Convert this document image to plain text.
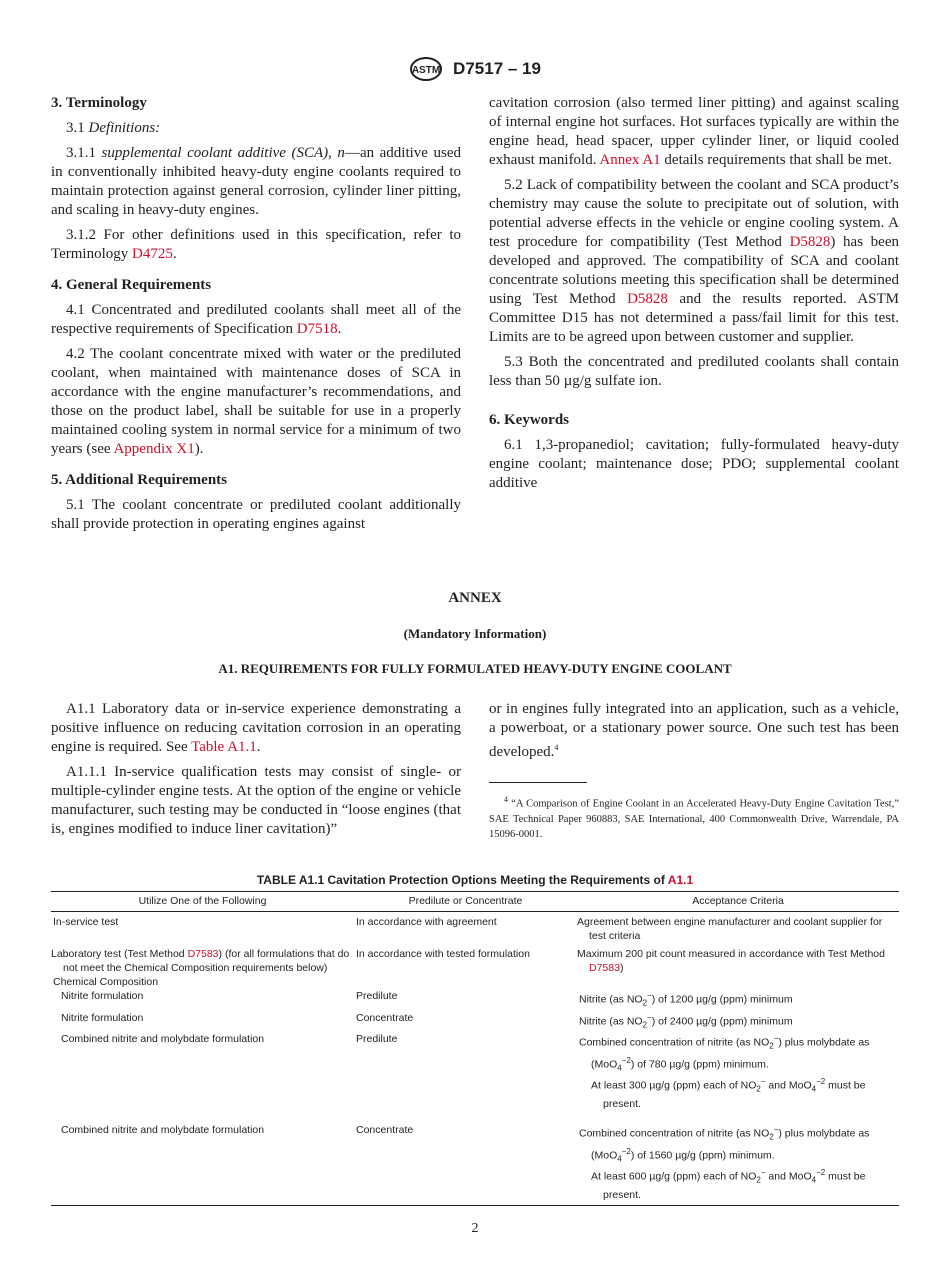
ASTM D7517 – 19
3. Terminology

3.1 Definitions:

3.1.1 supplemental coolant additive (SCA), n—an additive used in conventionally inhibited heavy-duty engine coolants required to maintain protection against general corrosion, cylinder liner pitting, and scaling in heavy-duty engines.

3.1.2 For other definitions used in this specification, refer to Terminology D4725.

4. General Requirements

4.1 Concentrated and prediluted coolants shall meet all of the respective requirements of Specification D7518.

4.2 The coolant concentrate mixed with water or the prediluted coolant, when maintained with maintenance doses of SCA in accordance with the engine manufacturer’s recommendations, and those on the product label, shall be suitable for use in a properly maintained cooling system in normal service for a minimum of two years (see Appendix X1).

5. Additional Requirements

5.1 The coolant concentrate or prediluted coolant additionally shall provide protection in operating engines against

cavitation corrosion (also termed liner pitting) and against scaling of internal engine hot surfaces. Hot surfaces typically are within the engine head, head spacer, upper cylinder liner, or liquid cooled exhaust manifold. Annex A1 details requirements that shall be met.

5.2 Lack of compatibility between the coolant and SCA product’s chemistry may cause the solute to precipitate out of solution, with potential adverse effects in the vehicle or engine cooling system. A test procedure for compatibility (Test Method D5828) has been developed and approved. The compatibility of SCA and coolant concentrate solutions meeting this specification shall be determined using Test Method D5828 and the results reported. ASTM Committee D15 has not determined a pass/fail limit for this test. Limits are to be agreed upon between customer and supplier.

5.3 Both the concentrated and prediluted coolants shall contain less than 50 µg/g sulfate ion.

6. Keywords

6.1 1,3-propanediol; cavitation; fully-formulated heavy-duty engine coolant; maintenance dose; PDO; supplemental coolant additive

ANNEX
(Mandatory Information)
A1. REQUIREMENTS FOR FULLY FORMULATED HEAVY-DUTY ENGINE COOLANT

A1.1 Laboratory data or in-service experience demonstrating a positive influence on reducing cavitation corrosion in an operating engine is required. See Table A1.1.

A1.1.1 In-service qualification tests may consist of single- or multiple-cylinder engine tests. At the option of the engine or vehicle manufacturer, such testing may be conducted in “loose engines (that is, engines modified to induce liner cavitation)”

or in engines fully integrated into an application, such as a vehicle, a powerboat, or a stationary power source. One such test has been developed.$^4$

$^4$ “A Comparison of Engine Coolant in an Accelerated Heavy-Duty Engine Cavitation Test,” SAE Technical Paper 960883, SAE International, 400 Commonwealth Drive, Warrendale, PA 15096-0001.
TABLE A1.1 Cavitation Protection Options Meeting the Requirements of A1.1
Utilize One of the Following	Predilute or Concentrate	Acceptance Criteria
In-service test	In accordance with agreement	Agreement between engine manufacturer and coolant supplier for test criteria
Laboratory test (Test Method D7583) (for all formulations that do not meet the Chemical Composition requirements below)	In accordance with tested formulation	Maximum 200 pit count measured in accordance with Test Method D7583)
Chemical Composition		
Nitrite formulation	Predilute	Nitrite (as $NO_2^-$) of 1200 µg/g (ppm) minimum
Nitrite formulation	Concentrate	Nitrite (as $NO_2^-$) of 2400 µg/g (ppm) minimum
Combined nitrite and molybdate formulation	Predilute	Combined concentration of nitrite (as $NO_2^-$) plus molybdate as
(MoO$_4^{-2}$) of 780 µg/g (ppm) minimum.
At least 300 µg/g (ppm) each of $NO_2^-$ and MoO$_4^{-2}$ must be present.

Combined nitrite and molybdate formulation	Concentrate	Combined concentration of nitrite (as $NO_2^-$) plus molybdate as
(MoO$_4^{-2}$) of 1560 µg/g (ppm) minimum.
At least 600 µg/g (ppm) each of $NO_2^-$ and MoO$_4^{-2}$ must be present.
2
